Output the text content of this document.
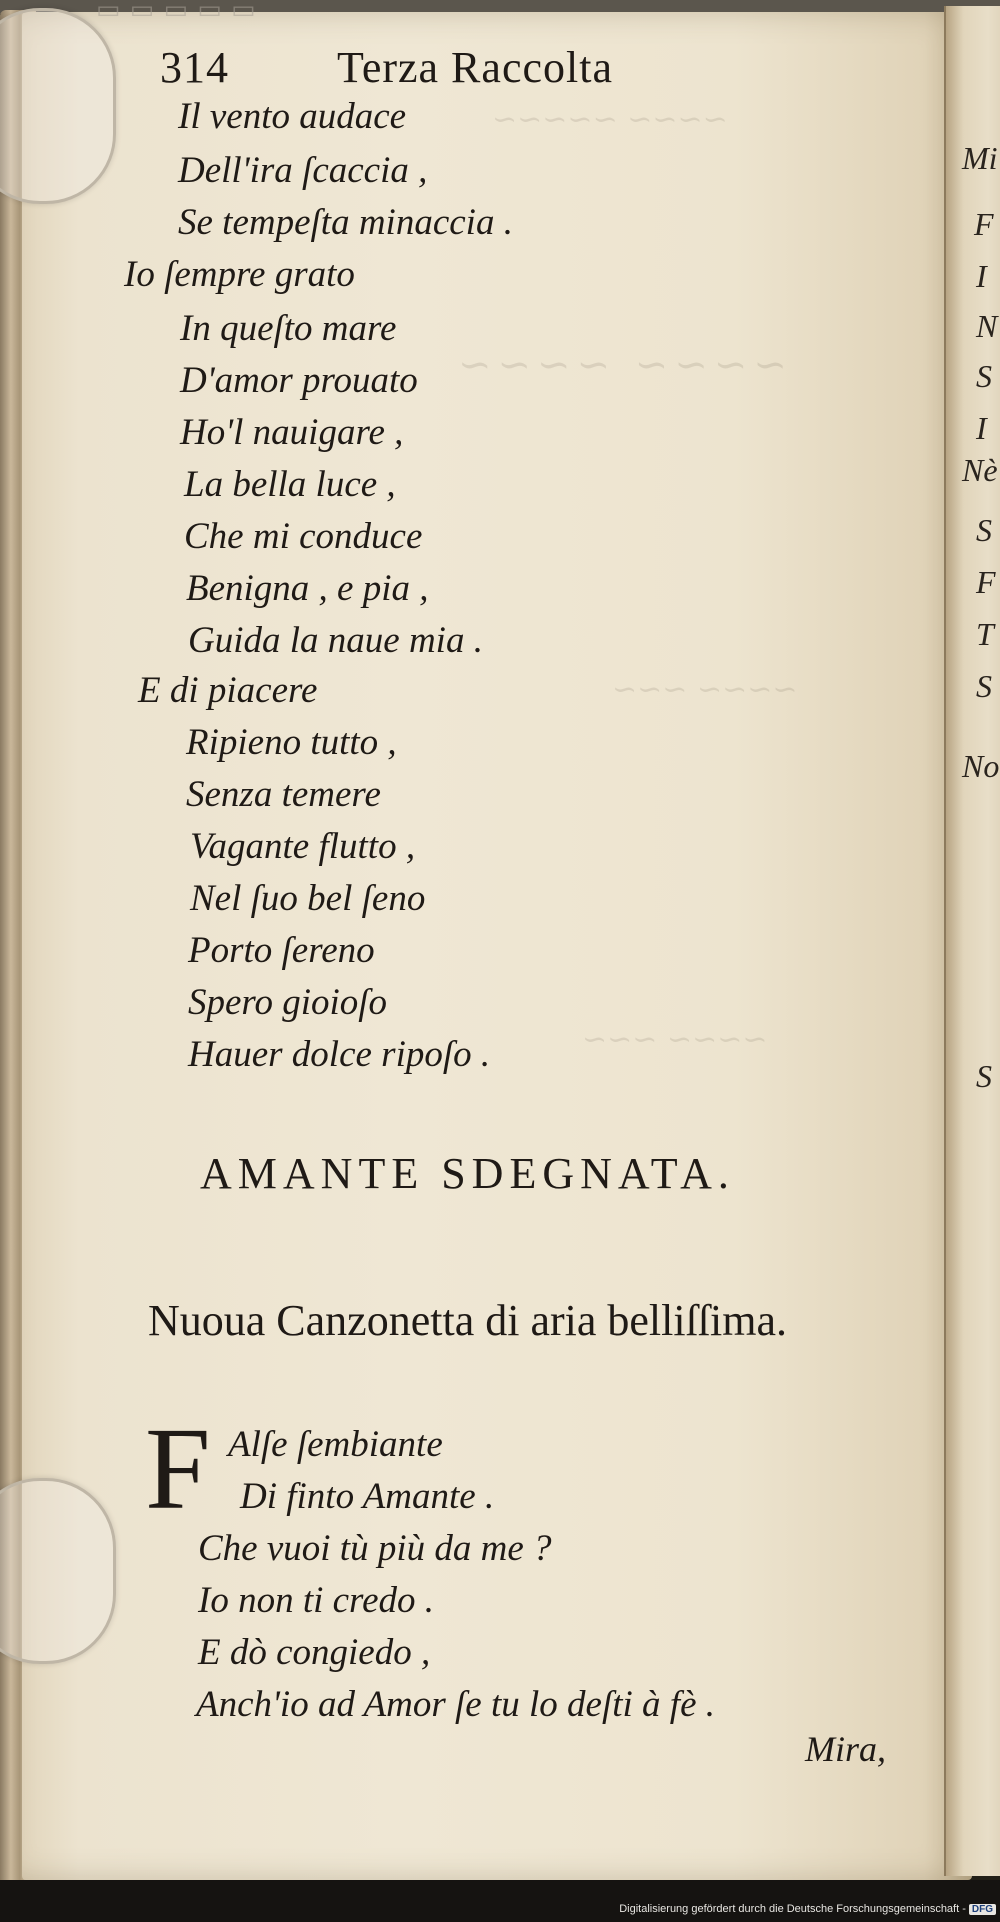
~~~~ ~~~~~
~~~~ ~~~~
~~~~ ~~~
~~~~ ~~~
314	Terza Raccolta
Il vento audace
Dell'ira ſcaccia ,
Se tempeſta minaccia .
Io ſempre grato
In queſto mare
D'amor prouato
Ho'l nauigare ,
La bella luce ,
Che mi conduce
Benigna , e pia ,
Guida la naue mia .
E di piacere
Ripieno tutto ,
Senza temere
Vagante flutto ,
Nel ſuo bel ſeno
Porto ſereno
Spero gioioſo
Hauer dolce ripoſo .
AMANTE SDEGNATA.
Nuoua Canzonetta di aria belliſſima.
F Alſe ſembiante
Di finto Amante .
Che vuoi tù più da me ?
Io non ti credo .
E dò congiedo ,
Anch'io ad Amor ſe tu lo deſti à fè .
Mira,
Mi
F
I
N
S
I
Nè
S
F
T
S
No
S
▭ ▭ ▭ ▭ ▭
Digitalisierung gefördert durch die Deutsche Forschungsgemeinschaft - DFG
